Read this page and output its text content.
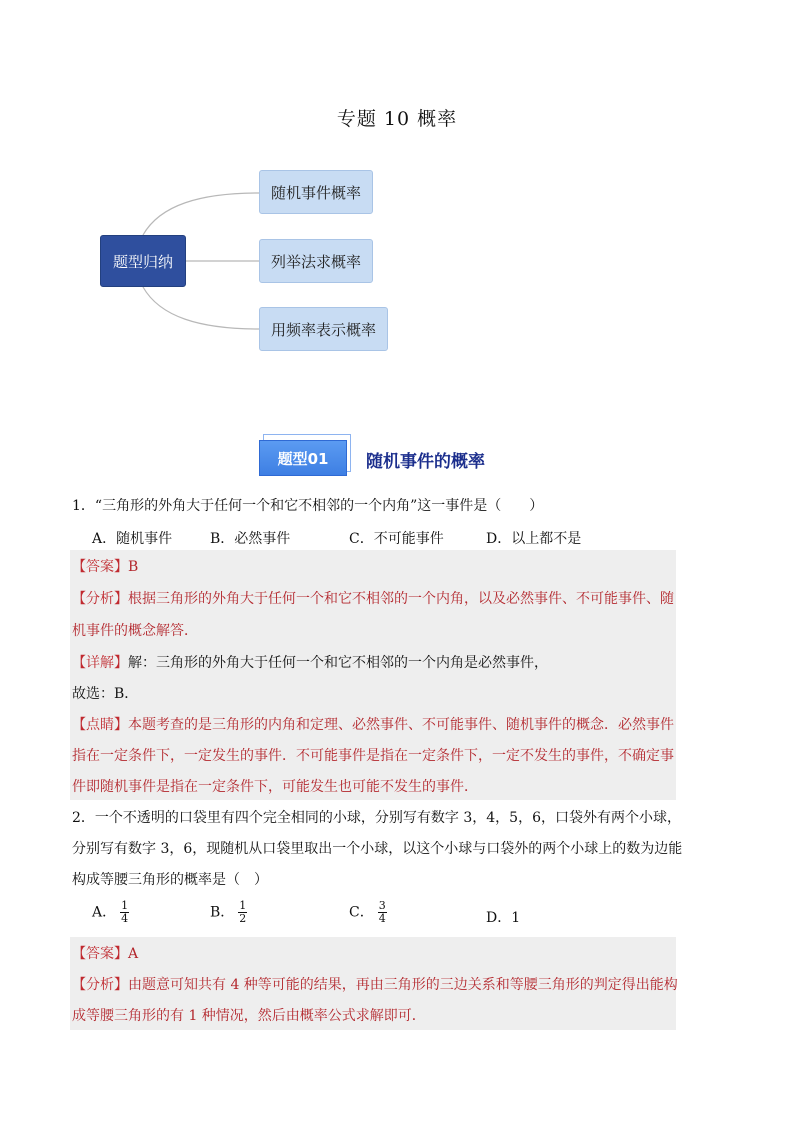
专题 10 概率
题型归纳
随机事件概率
列举法求概率
用频率表示概率
题型01	随机事件的概率
1．“三角形的外角大于任何一个和它不相邻的一个内角”这一事件是（　　）
A．随机事件	B．必然事件	C．不可能事件	D．以上都不是
【答案】B
【分析】根据三角形的外角大于任何一个和它不相邻的一个内角，以及必然事件、不可能事件、随
机事件的概念解答．
【详解】解：三角形的外角大于任何一个和它不相邻的一个内角是必然事件，
故选：B．
【点睛】本题考查的是三角形的内角和定理、必然事件、不可能事件、随机事件的概念．必然事件
指在一定条件下，一定发生的事件．不可能事件是指在一定条件下，一定不发生的事件，不确定事
件即随机事件是指在一定条件下，可能发生也可能不发生的事件．
2．一个不透明的口袋里有四个完全相同的小球，分别写有数字 3，4，5，6，口袋外有两个小球，
分别写有数字 3，6，现随机从口袋里取出一个小球，以这个小球与口袋外的两个小球上的数为边能
构成等腰三角形的概率是（　）
A． $\frac{1}{4}$	B． $\frac{1}{2}$	C． $\frac{3}{4}$	D．1
【答案】A
【分析】由题意可知共有 4 种等可能的结果，再由三角形的三边关系和等腰三角形的判定得出能构
成等腰三角形的有 1 种情况，然后由概率公式求解即可．
